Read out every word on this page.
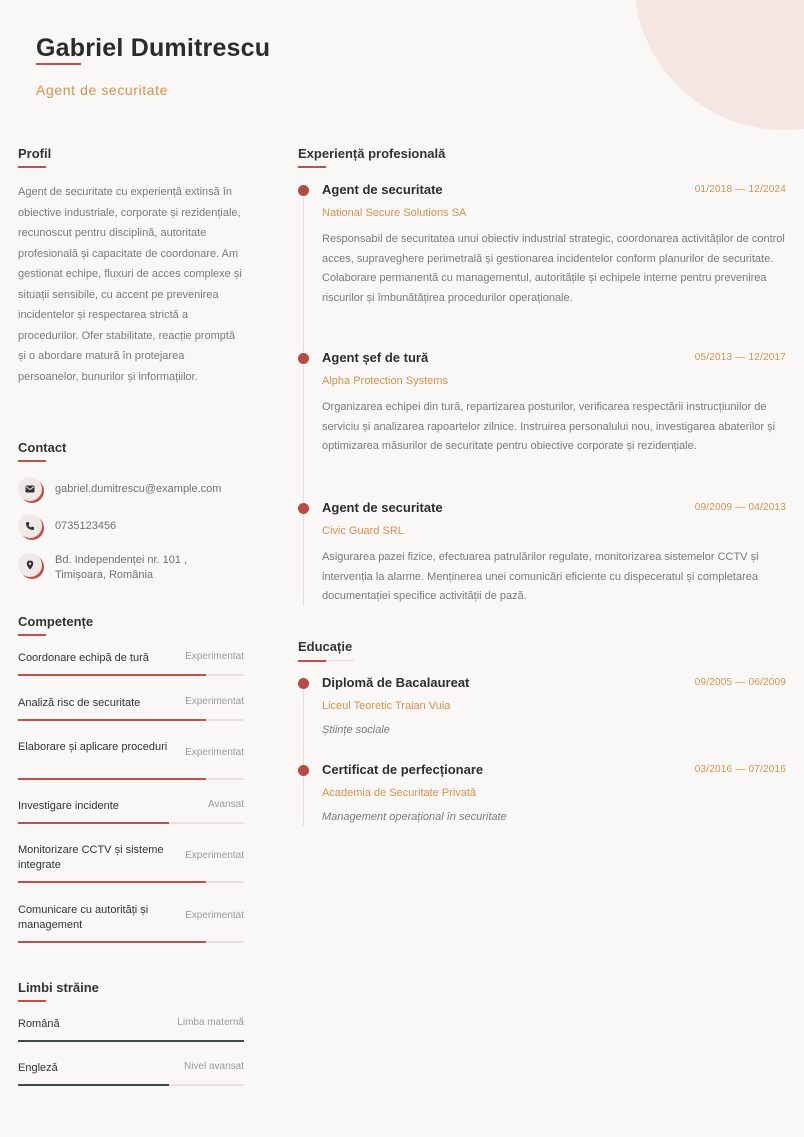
Gabriel Dumitrescu
Agent de securitate
Profil

Agent de securitate cu experiență extinsă în obiective industriale, corporate și rezidențiale, recunoscut pentru disciplină, autoritate profesională și capacitate de coordonare. Am gestionat echipe, fluxuri de acces complexe și situații sensibile, cu accent pe prevenirea incidentelor și respectarea strictă a procedurilor. Ofer stabilitate, reacție promptă și o abordare matură în protejarea persoanelor, bunurilor și informațiilor.

Contact
gabriel.dumitrescu@example.com
0735123456
Bd. Independenței nr. 101 ,
Timișoara, România
Competențe
Coordonare echipă de tură	Experimentat
Analiză risc de securitate	Experimentat
Elaborare și aplicare proceduri	Experimentat
Investigare incidente	Avansat
Monitorizare CCTV și sisteme integrate
Experimentat
Comunicare cu autorități și management
Experimentat
Limbi străine
Română	Limba maternă
Engleză	Nivel avansat
Experiență profesională
Agent de securitate	01/2018 — 12/2024
National Secure Solutions SA

Responsabil de securitatea unui obiectiv industrial strategic, coordonarea activităților de control acces, supraveghere perimetrală și gestionarea incidentelor conform planurilor de securitate. Colaborare permanentă cu managementul, autoritățile și echipele interne pentru prevenirea riscurilor și îmbunătățirea procedurilor operaționale.

Agent șef de tură	05/2013 — 12/2017
Alpha Protection Systems

Organizarea echipei din tură, repartizarea posturilor, verificarea respectării instrucțiunilor de serviciu și analizarea rapoartelor zilnice. Instruirea personalului nou, investigarea abaterilor și optimizarea măsurilor de securitate pentru obiective corporate și rezidențiale.

Agent de securitate	09/2009 — 04/2013
Civic Guard SRL

Asigurarea pazei fizice, efectuarea patrulărilor regulate, monitorizarea sistemelor CCTV și intervenția la alarme. Menținerea unei comunicări eficiente cu dispeceratul și completarea documentației specifice activității de pază.

Educație
Diplomă de Bacalaureat	09/2005 — 06/2009
Liceul Teoretic Traian Vuia
Științe sociale
Certificat de perfecționare	03/2016 — 07/2016
Academia de Securitate Privată
Management operațional în securitate
